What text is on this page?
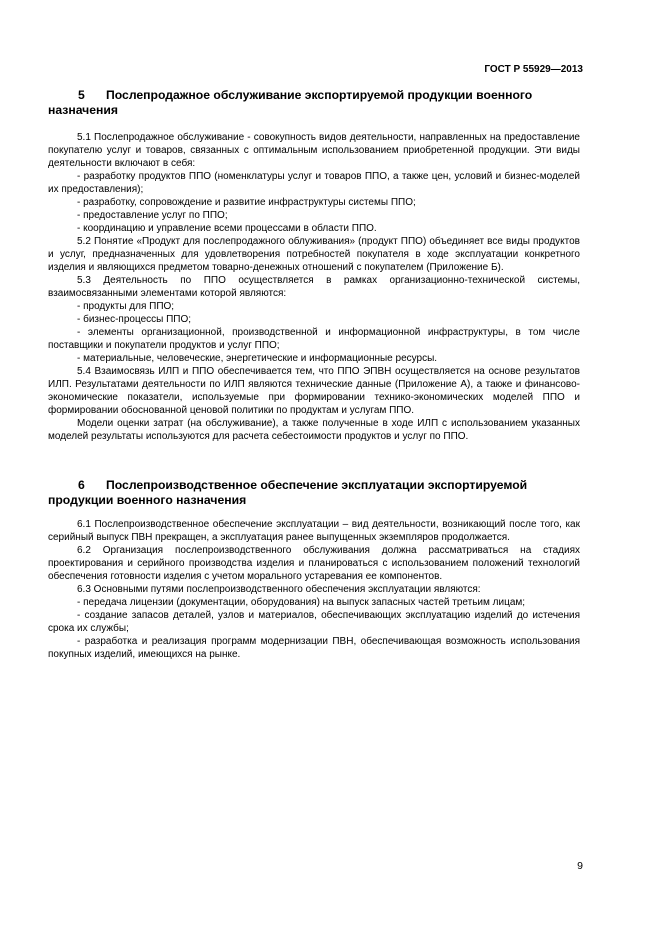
ГОСТ Р 55929—2013
5 Послепродажное обслуживание экспортируемой продукции военного назначения

5.1 Послепродажное обслуживание - совокупность видов деятельности, направленных на предоставление покупателю услуг и товаров, связанных с оптимальным использованием приобретенной продукции. Эти виды деятельности включают в себя:

- разработку продуктов ППО (номенклатуры услуг и товаров ППО, а также цен, условий и бизнес-моделей их предоставления);

- разработку, сопровождение и развитие инфраструктуры системы ППО;

- предоставление услуг по ППО;

- координацию и управление всеми процессами в области ППО.

5.2 Понятие «Продукт для послепродажного облуживания» (продукт ППО) объединяет все виды продуктов и услуг, предназначенных для удовлетворения потребностей покупателя в ходе эксплуатации конкретного изделия и являющихся предметом товарно-денежных отношений с покупателем (Приложение Б).

5.3 Деятельность по ППО осуществляется в рамках организационно-технической системы, взаимосвязанными элементами которой являются:

- продукты для ППО;

- бизнес-процессы ППО;

- элементы организационной, производственной и информационной инфраструктуры, в том числе поставщики и покупатели продуктов и услуг ППО;

- материальные, человеческие, энергетические и информационные ресурсы.

5.4 Взаимосвязь ИЛП и ППО обеспечивается тем, что ППО ЭПВН осуществляется на основе результатов ИЛП. Результатами деятельности по ИЛП являются технические данные (Приложение А), а также и финансово-экономические показатели, используемые при формировании технико-экономических моделей ППО и формировании обоснованной ценовой политики по продуктам и услугам ППО.

Модели оценки затрат (на обслуживание), а также полученные в ходе ИЛП с использованием указанных моделей результаты используются для расчета себестоимости продуктов и услуг по ППО.

6 Послепроизводственное обеспечение эксплуатации экспортируемой продукции военного назначения

6.1 Послепроизводственное обеспечение эксплуатации – вид деятельности, возникающий после того, как серийный выпуск ПВН прекращен, а эксплуатация ранее выпущенных экземпляров продолжается.

6.2 Организация послепроизводственного обслуживания должна рассматриваться на стадиях проектирования и серийного производства изделия и планироваться с использованием положений технологий обеспечения готовности изделия с учетом морального устаревания ее компонентов.

6.3 Основными путями послепроизводственного обеспечения эксплуатации являются:

- передача лицензии (документации, оборудования) на выпуск запасных частей третьим лицам;

- создание запасов деталей, узлов и материалов, обеспечивающих эксплуатацию изделий до истечения срока их службы;

- разработка и реализация программ модернизации ПВН, обеспечивающая возможность использования покупных изделий, имеющихся на рынке.

9
